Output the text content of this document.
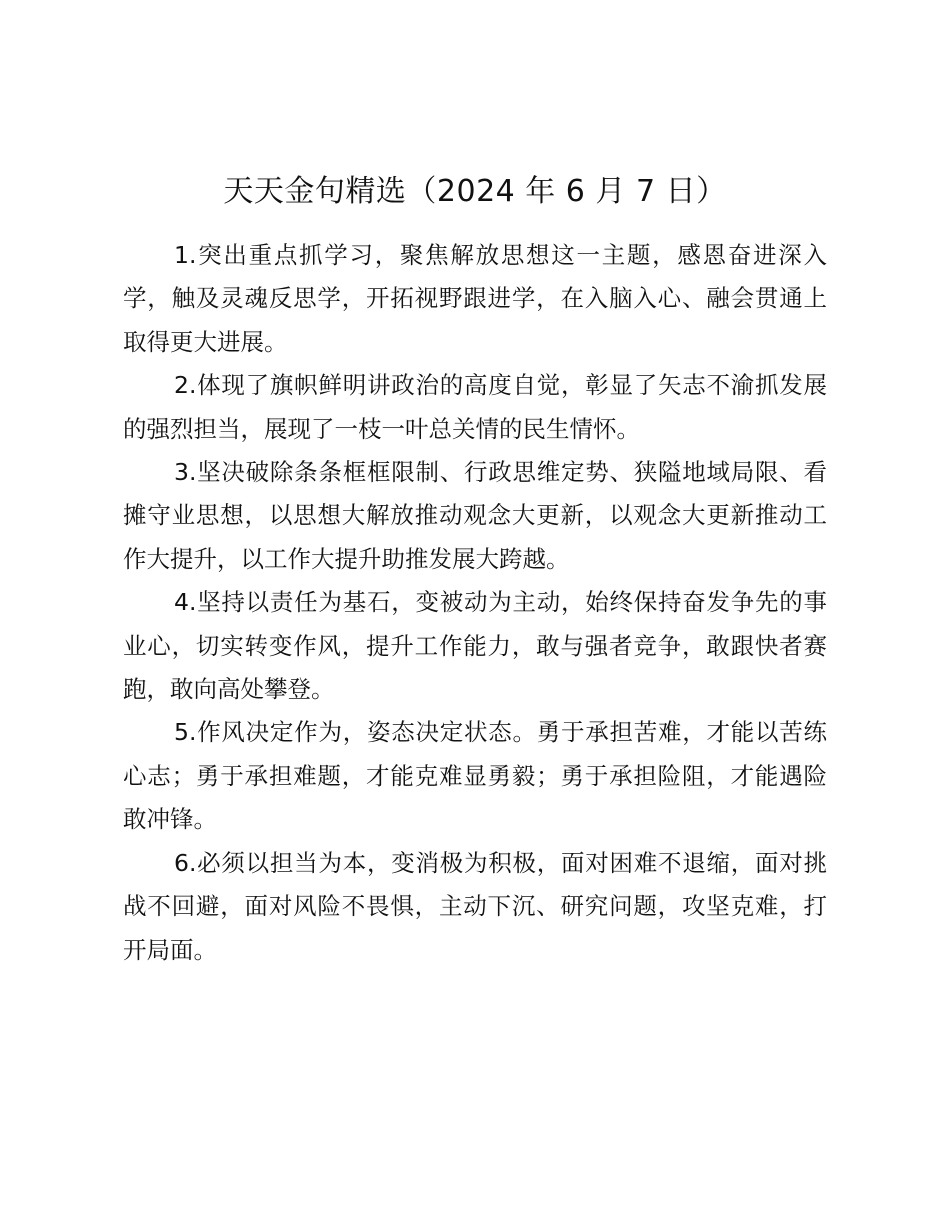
天天金句精选（2024 年 6 月 7 日）

1.突出重点抓学习，聚焦解放思想这一主题，感恩奋进深入学，触及灵魂反思学，开拓视野跟进学，在入脑入心、融会贯通上取得更大进展。

2.体现了旗帜鲜明讲政治的高度自觉，彰显了矢志不渝抓发展的强烈担当，展现了一枝一叶总关情的民生情怀。

3.坚决破除条条框框限制、行政思维定势、狭隘地域局限、看摊守业思想，以思想大解放推动观念大更新，以观念大更新推动工作大提升，以工作大提升助推发展大跨越。

4.坚持以责任为基石，变被动为主动，始终保持奋发争先的事业心，切实转变作风，提升工作能力，敢与强者竞争，敢跟快者赛跑，敢向高处攀登。

5.作风决定作为，姿态决定状态。勇于承担苦难，才能以苦练心志；勇于承担难题，才能克难显勇毅；勇于承担险阻，才能遇险敢冲锋。

6.必须以担当为本，变消极为积极，面对困难不退缩，面对挑战不回避，面对风险不畏惧，主动下沉、研究问题，攻坚克难，打开局面。
